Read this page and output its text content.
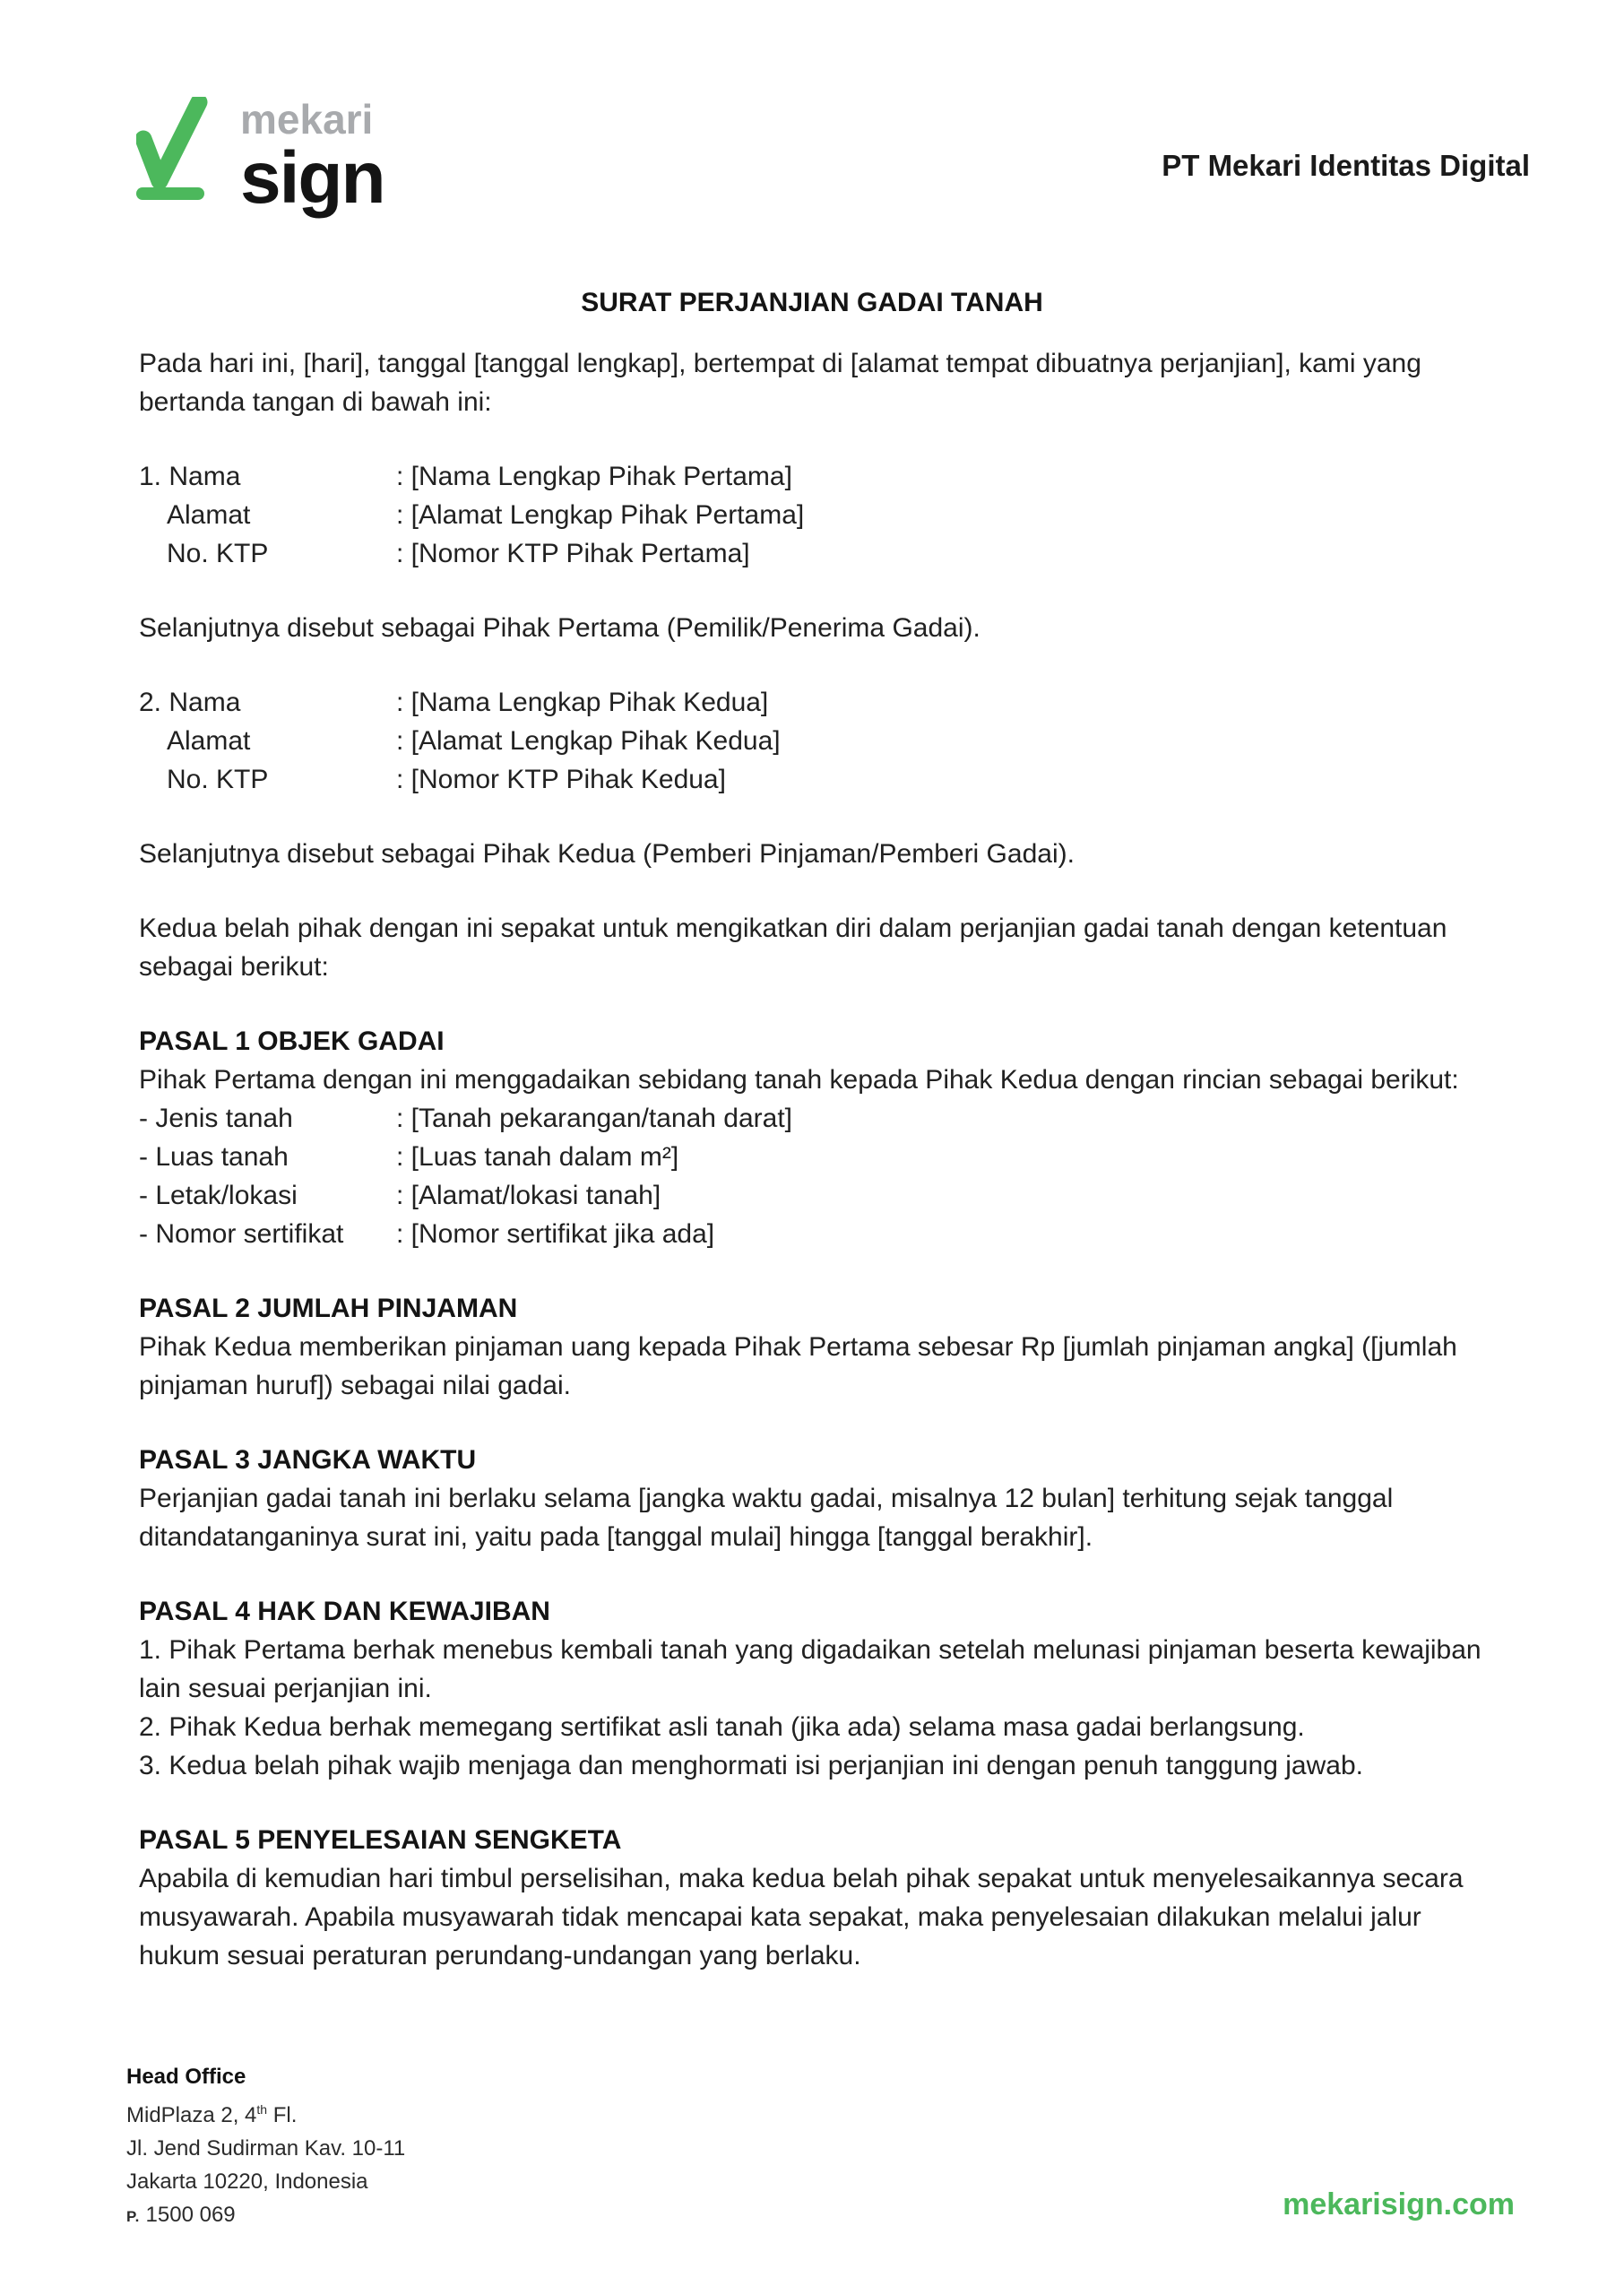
mekari
sign	PT Mekari Identitas Digital
SURAT PERJANJIAN GADAI TANAH

Pada hari ini, [hari], tanggal [tanggal lengkap], bertempat di [alamat tempat dibuatnya perjanjian], kami yang bertanda tangan di bawah ini:

1. Nama	: [Nama Lengkap Pihak Pertama]
Alamat	: [Alamat Lengkap Pihak Pertama]
No. KTP	: [Nomor KTP Pihak Pertama]

Selanjutnya disebut sebagai Pihak Pertama (Pemilik/Penerima Gadai).

2. Nama	: [Nama Lengkap Pihak Kedua]
Alamat	: [Alamat Lengkap Pihak Kedua]
No. KTP	: [Nomor KTP Pihak Kedua]

Selanjutnya disebut sebagai Pihak Kedua (Pemberi Pinjaman/Pemberi Gadai).

Kedua belah pihak dengan ini sepakat untuk mengikatkan diri dalam perjanjian gadai tanah dengan ketentuan sebagai berikut:

PASAL 1 OBJEK GADAI

Pihak Pertama dengan ini menggadaikan sebidang tanah kepada Pihak Kedua dengan rincian sebagai berikut:

- Jenis tanah	: [Tanah pekarangan/tanah darat]
- Luas tanah	: [Luas tanah dalam m²]
- Letak/lokasi	: [Alamat/lokasi tanah]
- Nomor sertifikat	: [Nomor sertifikat jika ada]

PASAL 2 JUMLAH PINJAMAN

Pihak Kedua memberikan pinjaman uang kepada Pihak Pertama sebesar Rp [jumlah pinjaman angka] ([jumlah pinjaman huruf]) sebagai nilai gadai.

PASAL 3 JANGKA WAKTU

Perjanjian gadai tanah ini berlaku selama [jangka waktu gadai, misalnya 12 bulan] terhitung sejak tanggal ditandatanganinya surat ini, yaitu pada [tanggal mulai] hingga [tanggal berakhir].

PASAL 4 HAK DAN KEWAJIBAN

1. Pihak Pertama berhak menebus kembali tanah yang digadaikan setelah melunasi pinjaman beserta kewajiban lain sesuai perjanjian ini.

2. Pihak Kedua berhak memegang sertifikat asli tanah (jika ada) selama masa gadai berlangsung.

3. Kedua belah pihak wajib menjaga dan menghormati isi perjanjian ini dengan penuh tanggung jawab.

PASAL 5 PENYELESAIAN SENGKETA

Apabila di kemudian hari timbul perselisihan, maka kedua belah pihak sepakat untuk menyelesaikannya secara musyawarah. Apabila musyawarah tidak mencapai kata sepakat, maka penyelesaian dilakukan melalui jalur hukum sesuai peraturan perundang-undangan yang berlaku.

Head Office
MidPlaza 2, 4th Fl.
Jl. Jend Sudirman Kav. 10-11
Jakarta 10220, Indonesia
P. 1500 069	mekarisign.com
